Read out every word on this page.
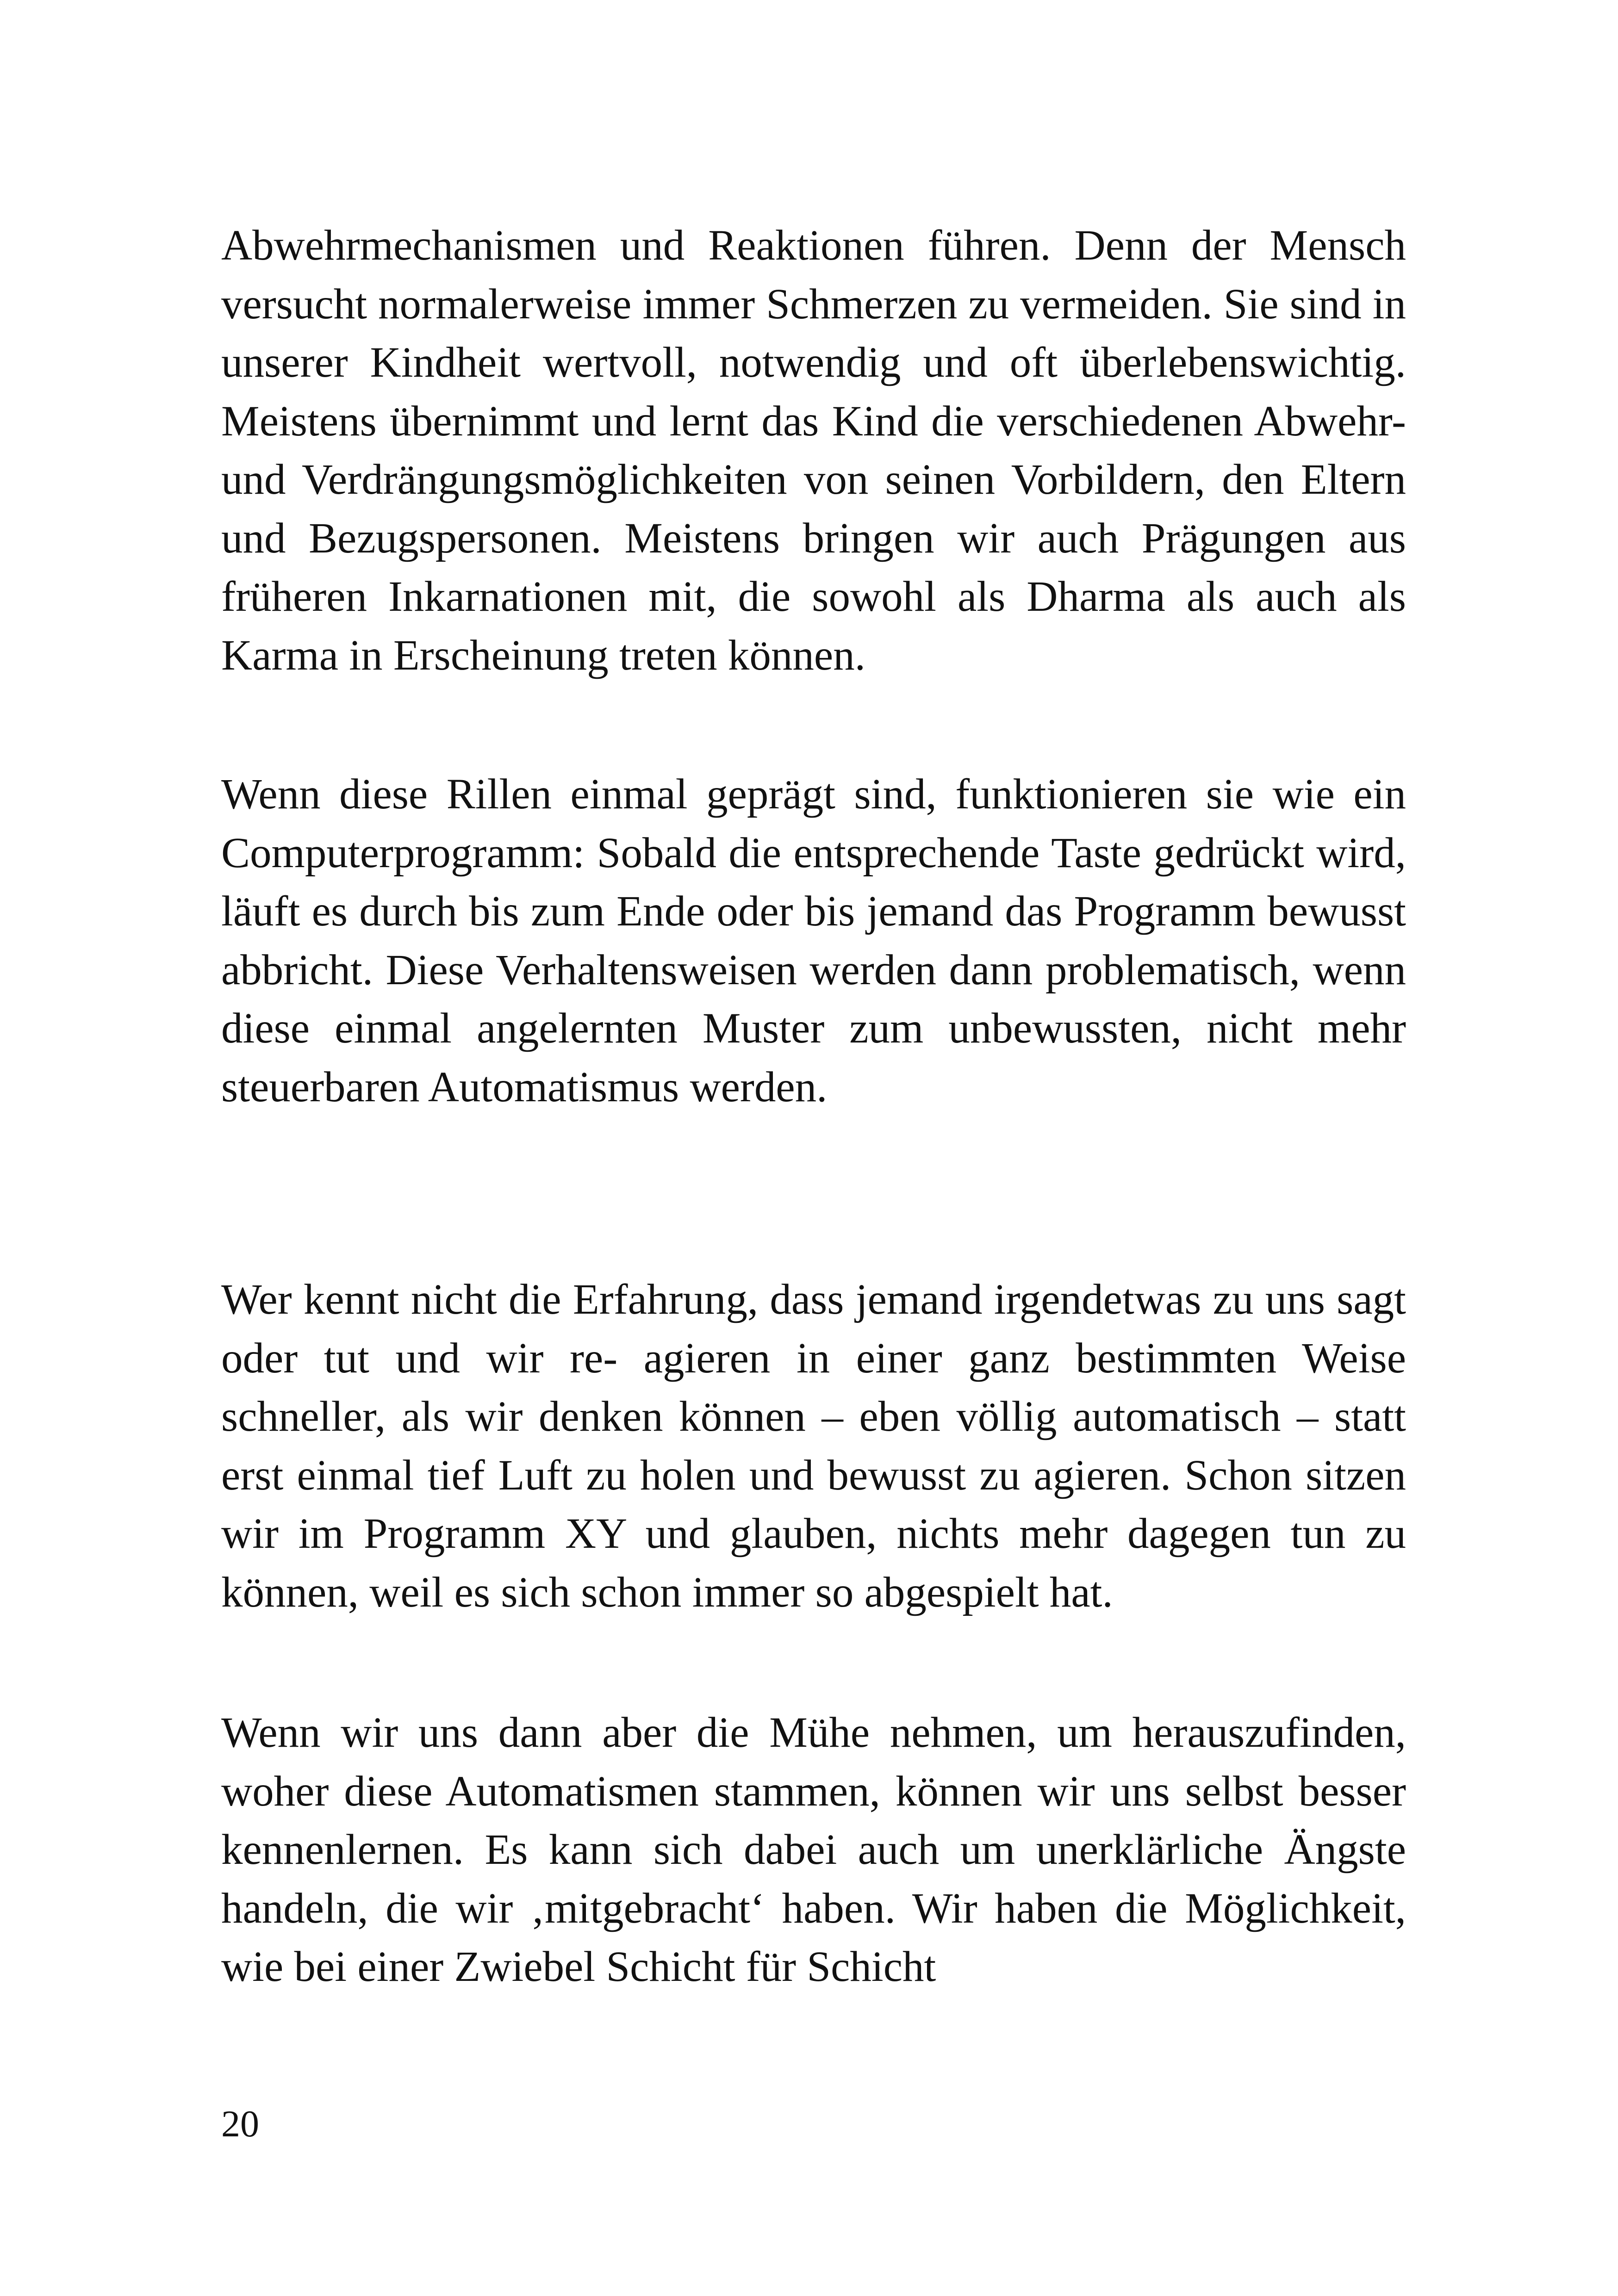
Abwehrmechanismen und Reaktionen führen. Denn der Mensch versucht normalerweise immer Schmerzen zu vermeiden. Sie sind in unserer Kindheit wertvoll, notwendig und oft überlebenswichtig. Meistens übernimmt und lernt das Kind die verschiedenen Abwehr- und Verdrängungsmöglichkeiten von seinen Vorbildern, den Eltern und Bezugspersonen. Meistens bringen wir auch Prägungen aus früheren Inkarnationen mit, die sowohl als Dharma als auch als Karma in Erscheinung treten können.

Wenn diese Rillen einmal geprägt sind, funktionieren sie wie ein Computerprogramm: Sobald die entsprechende Taste gedrückt wird, läuft es durch bis zum Ende oder bis jemand das Programm bewusst abbricht. Diese Verhaltensweisen werden dann problematisch, wenn diese einmal angelernten Muster zum unbewussten, nicht mehr steuerbaren Automatismus werden.

Wer kennt nicht die Erfahrung, dass jemand irgendetwas zu uns sagt oder tut und wir re- agieren in einer ganz bestimmten Weise schneller, als wir denken können – eben völlig automatisch – statt erst einmal tief Luft zu holen und bewusst zu agieren. Schon sitzen wir im Programm XY und glauben, nichts mehr dagegen tun zu können, weil es sich schon immer so abgespielt hat.

Wenn wir uns dann aber die Mühe nehmen, um herauszufinden, woher diese Automatismen stammen, können wir uns selbst besser kennenlernen. Es kann sich dabei auch um unerklärliche Ängste handeln, die wir ‚mitgebracht‘ haben. Wir haben die Möglichkeit, wie bei einer Zwiebel Schicht für Schicht

20
